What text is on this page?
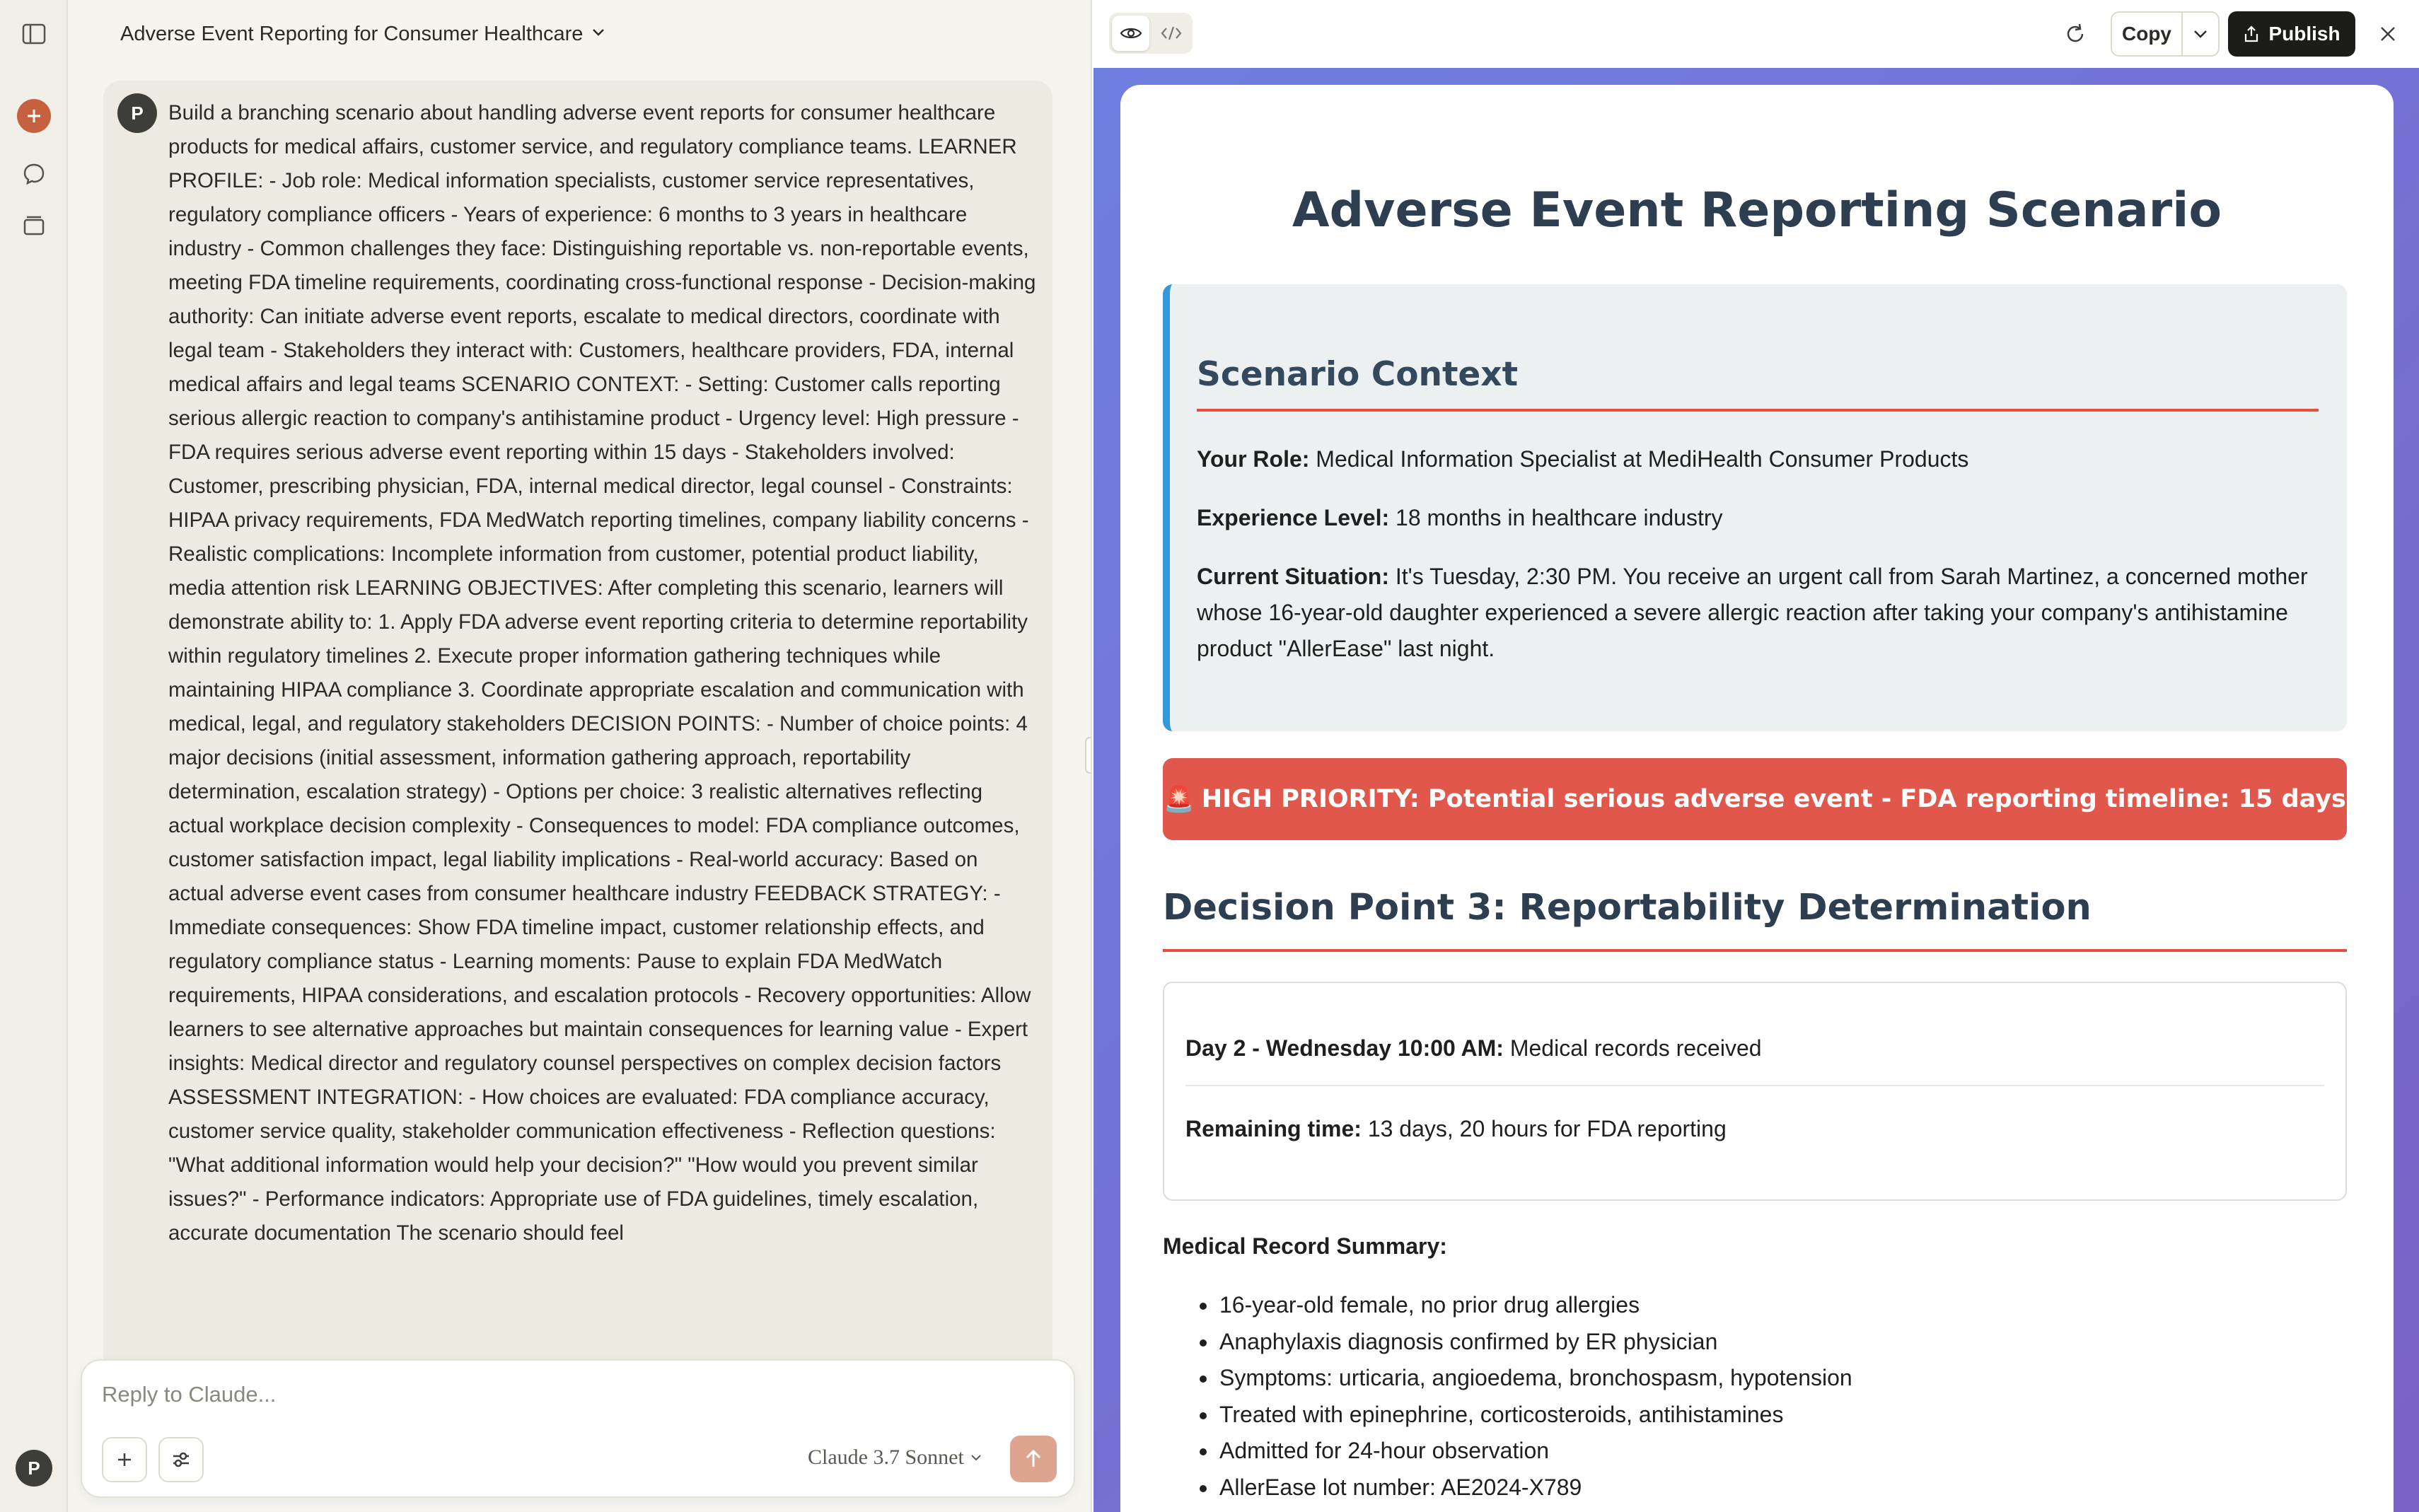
P
Adverse Event Reporting for Consumer Healthcare
P	Build a branching scenario about handling adverse event reports for consumer healthcare products for medical affairs, customer service, and regulatory compliance teams. LEARNER PROFILE: - Job role: Medical information specialists, customer service representatives, regulatory compliance officers - Years of experience: 6 months to 3 years in healthcare industry - Common challenges they face: Distinguishing reportable vs. non-reportable events, meeting FDA timeline requirements, coordinating cross-functional response - Decision-making authority: Can initiate adverse event reports, escalate to medical directors, coordinate with legal team - Stakeholders they interact with: Customers, healthcare providers, FDA, internal medical affairs and legal teams SCENARIO CONTEXT: - Setting: Customer calls reporting serious allergic reaction to company's antihistamine product - Urgency level: High pressure - FDA requires serious adverse event reporting within 15 days - Stakeholders involved: Customer, prescribing physician, FDA, internal medical director, legal counsel - Constraints: HIPAA privacy requirements, FDA MedWatch reporting timelines, company liability concerns - Realistic complications: Incomplete information from customer, potential product liability, media attention risk LEARNING OBJECTIVES: After completing this scenario, learners will demonstrate ability to: 1. Apply FDA adverse event reporting criteria to determine reportability within regulatory timelines 2. Execute proper information gathering techniques while maintaining HIPAA compliance 3. Coordinate appropriate escalation and communication with medical, legal, and regulatory stakeholders DECISION POINTS: - Number of choice points: 4 major decisions (initial assessment, information gathering approach, reportability determination, escalation strategy) - Options per choice: 3 realistic alternatives reflecting actual workplace decision complexity - Consequences to model: FDA compliance outcomes, customer satisfaction impact, legal liability implications - Real-world accuracy: Based on actual adverse event cases from consumer healthcare industry FEEDBACK STRATEGY: - Immediate consequences: Show FDA timeline impact, customer relationship effects, and regulatory compliance status - Learning moments: Pause to explain FDA MedWatch requirements, HIPAA considerations, and escalation protocols - Recovery opportunities: Allow learners to see alternative approaches but maintain consequences for learning value - Expert insights: Medical director and regulatory counsel perspectives on complex decision factors ASSESSMENT INTEGRATION: - How choices are evaluated: FDA compliance accuracy, customer service quality, stakeholder communication effectiveness - Reflection questions: "What additional information would help your decision?" "How would you prevent similar issues?" - Performance indicators: Appropriate use of FDA guidelines, timely escalation, accurate documentation The scenario should feel
Reply to Claude...
Claude 3.7 Sonnet
Copy	Publish
Adverse Event Reporting Scenario
Scenario Context
Your Role: Medical Information Specialist at MediHealth Consumer Products
Experience Level: 18 months in healthcare industry
Current Situation: It's Tuesday, 2:30 PM. You receive an urgent call from Sarah Martinez, a concerned mother whose 16-year-old daughter experienced a severe allergic reaction after taking your company's antihistamine product "AllerEase" last night.
🚨 HIGH PRIORITY: Potential serious adverse event - FDA reporting timeline: 15 days
Decision Point 3: Reportability Determination
Day 2 - Wednesday 10:00 AM: Medical records received
Remaining time: 13 days, 20 hours for FDA reporting
Medical Record Summary:
16-year-old female, no prior drug allergies
Anaphylaxis diagnosis confirmed by ER physician
Symptoms: urticaria, angioedema, bronchospasm, hypotension
Treated with epinephrine, corticosteroids, antihistamines
Admitted for 24-hour observation
AllerEase lot number: AE2024-X789
